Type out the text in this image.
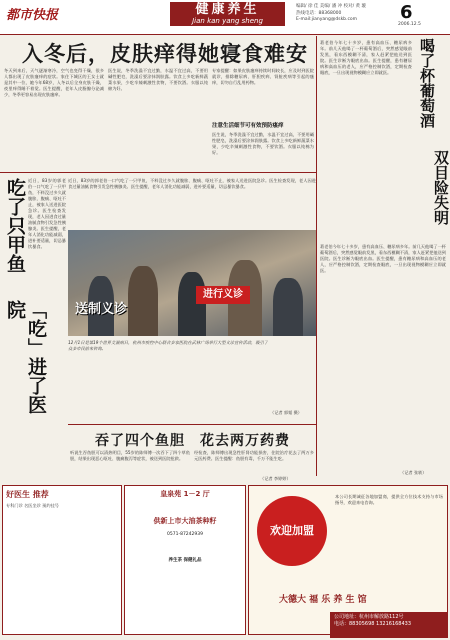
都市快报	健康养生
Jian kan yang sheng
编辑/ 徐 佳 美编/ 潘 冲 校对/ 黄 璇
热线电话：88368000
E-mail:jianyang@dskb.com	6
2006.12.5
入冬后，皮肤痒得她寝食难安
冬天到来后，天气逐渐寒冷，空气也变得干燥，很多人都出现了皮肤瘙痒的症状。家住下城区的王女士就是其中一位，她今年68岁，入冬以后全身皮肤干燥，夜里痒得睡不着觉。医生提醒，老年人皮脂腺分泌减少，冬季更容易出现皮肤瘙痒。
医生说，冬季洗澡不宜过勤，水温不宜过高，不要用碱性肥皂，洗澡后要涂抹润肤露。饮食上多吃新鲜蔬菜水果，少吃辛辣刺激性食物，不要饮酒。衣服以纯棉为好。
专家提醒：如果皮肤瘙痒持续时间较长，应及时到医院就诊，排除糖尿病、肝胆疾病、肾脏疾病等引起的瘙痒，切勿自行乱用药物。
注意生活细节可有效预防瘙痒
医生说，冬季洗澡不宜过勤，水温不宜过高，不要用碱性肥皂，洗澡后要涂抹润肤露。饮食上多吃新鲜蔬菜水果，少吃辛辣刺激性食物，不要饮酒。衣服以纯棉为好。
葛老伯今年七十多岁，患有高血压、糖尿病多年。前几天他喝了一杯葡萄酒后，突然感觉眼前发黑，看东西模糊不清，家人赶紧把他送到医院。医生诊断为眼底出血。医生提醒，患有糖尿病和高血压的老人，应严格控制饮酒，定期检查眼底，一旦出现视物模糊应立即就医。	喝了杯葡萄酒
双目险失明
葛老伯今年七十多岁，患有高血压、糖尿病多年。前几天他喝了一杯葡萄酒后，突然感觉眼前发黑，看东西模糊不清，家人赶紧把他送到医院。医生诊断为眼底出血。医生提醒，患有糖尿病和高血压的老人，应严格控制饮酒，定期检查眼底，一旦出现视物模糊应立即就医。
（记者 张轶）
吃了只甲鱼
「吃」进了医院
近日，83岁的郭老伯一口气吃了一只甲鱼，不料没过多久就腹胀、腹痛、呕吐不止，被家人送进医院急诊。医生检查发现，老人因进食过量油腻食物引发急性胰腺炎。医生提醒，老年人消化功能减弱，进补要适量，切忌暴饮暴食。
近日，83岁的郭老伯一口气吃了一只甲鱼，不料没过多久就腹胀、腹痛、呕吐不止，被家人送进医院急诊。医生检查发现，老人因进食过量油腻食物引发急性胰腺炎。医生提醒，老年人消化功能减弱，进补要适量，切忌暴饮暴食。
送制义诊
进行义诊
12月1日是第19个世界艾滋病日，杭州市疾控中心联合多家医院在武林广场举行大型义诊宣传活动，吸引了众多市民前来咨询。
（记者 郭韬 摄）
吞了四个鱼胆　花去两万药费
听说生吞鱼胆可以清热明目，55岁的陈师傅一次吞下了四个草鱼胆，结果出现恶心呕吐、腹痛腹泻等症状，被送到医院抢救。
经检查，陈师傅出现急性肝肾功能损害，住院治疗花去了两万多元医药费。医生提醒：鱼胆有毒，千万不能生吃。
（记者 李婷婷）
好医生 推荐
专科门诊 名医坐诊 预约挂号
皇泉苑 1－2 厅
供新上市大油茶种籽
0571-87242939
养生茶 保健礼品
欢迎加盟
本公司长期诚征各地加盟商，提供全方位技术支持与市场指导，欢迎来电咨询。
大德大 福 乐 养 生 馆
公司地址：杭州市解放路112号
电话：88305698 13216168433
